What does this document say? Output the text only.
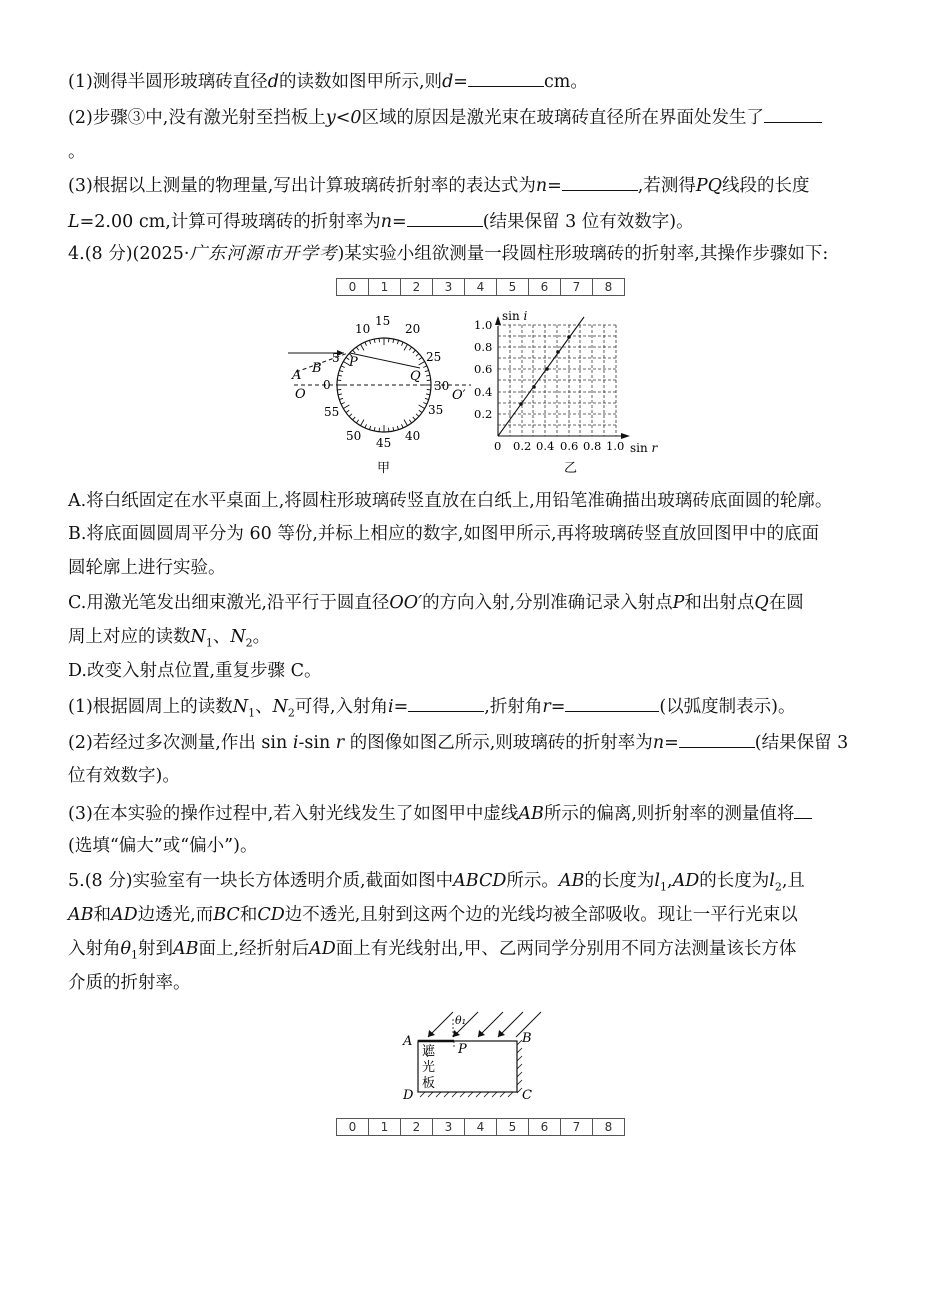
(1)测得半圆形玻璃砖直径d的读数如图甲所示,则d=	cm。
(2)步骤③中,没有激光射至挡板上y<0区域的原因是激光束在玻璃砖直径所在界面处发生了
。
(3)根据以上测量的物理量,写出计算玻璃砖折射率的表达式为n=	,若测得PQ线段的长度
L=2.00 cm,计算可得玻璃砖的折射率为n=	(结果保留 3 位有效数字)。
4.(8 分)(2025·广东河源市开学考)某实验小组欲测量一段圆柱形玻璃砖的折射率,其操作步骤如下:
0	1	2	3	4	5	6	7	8
10
15
20
25
30
35
40
45
50
55
0
5
A B P
Q
O	O′
甲
sin i
1.0
0.8
0.6
0.4
0.2
0 0.2 0.4 0.6 0.8 1.0 sin r
乙
A.将白纸固定在水平桌面上,将圆柱形玻璃砖竖直放在白纸上,用铅笔准确描出玻璃砖底面圆的轮廓。
B.将底面圆圆周平分为 60 等份,并标上相应的数字,如图甲所示,再将玻璃砖竖直放回图甲中的底面
圆轮廓上进行实验。
C.用激光笔发出细束激光,沿平行于圆直径OO′的方向入射,分别准确记录入射点P和出射点Q在圆
周上对应的读数$N_1$、$N_2$。
D.改变入射点位置,重复步骤 C。
(1)根据圆周上的读数$N_1$、$N_2$可得,入射角i=	,折射角r=	(以弧度制表示)。
(2)若经过多次测量,作出 sin i-sin r 的图像如图乙所示,则玻璃砖的折射率为n=	(结果保留 3
位有效数字)。
(3)在本实验的操作过程中,若入射光线发生了如图甲中虚线AB所示的偏离,则折射率的测量值将
(选填“偏大”或“偏小”)。
5.(8 分)实验室有一块长方体透明介质,截面如图中ABCD所示。AB的长度为$l_1,AD$的长度为$l_2$,且
AB和AD边透光,而BC和CD边不透光,且射到这两个边的光线均被全部吸收。现让一平行光束以
入射角$\theta_1$射到AB面上,经折射后AD面上有光线射出,甲、乙两同学分别用不同方法测量该长方体
介质的折射率。
θ₁
A	B
C
D
P
遮
光
板
0	1	2	3	4	5	6	7	8
